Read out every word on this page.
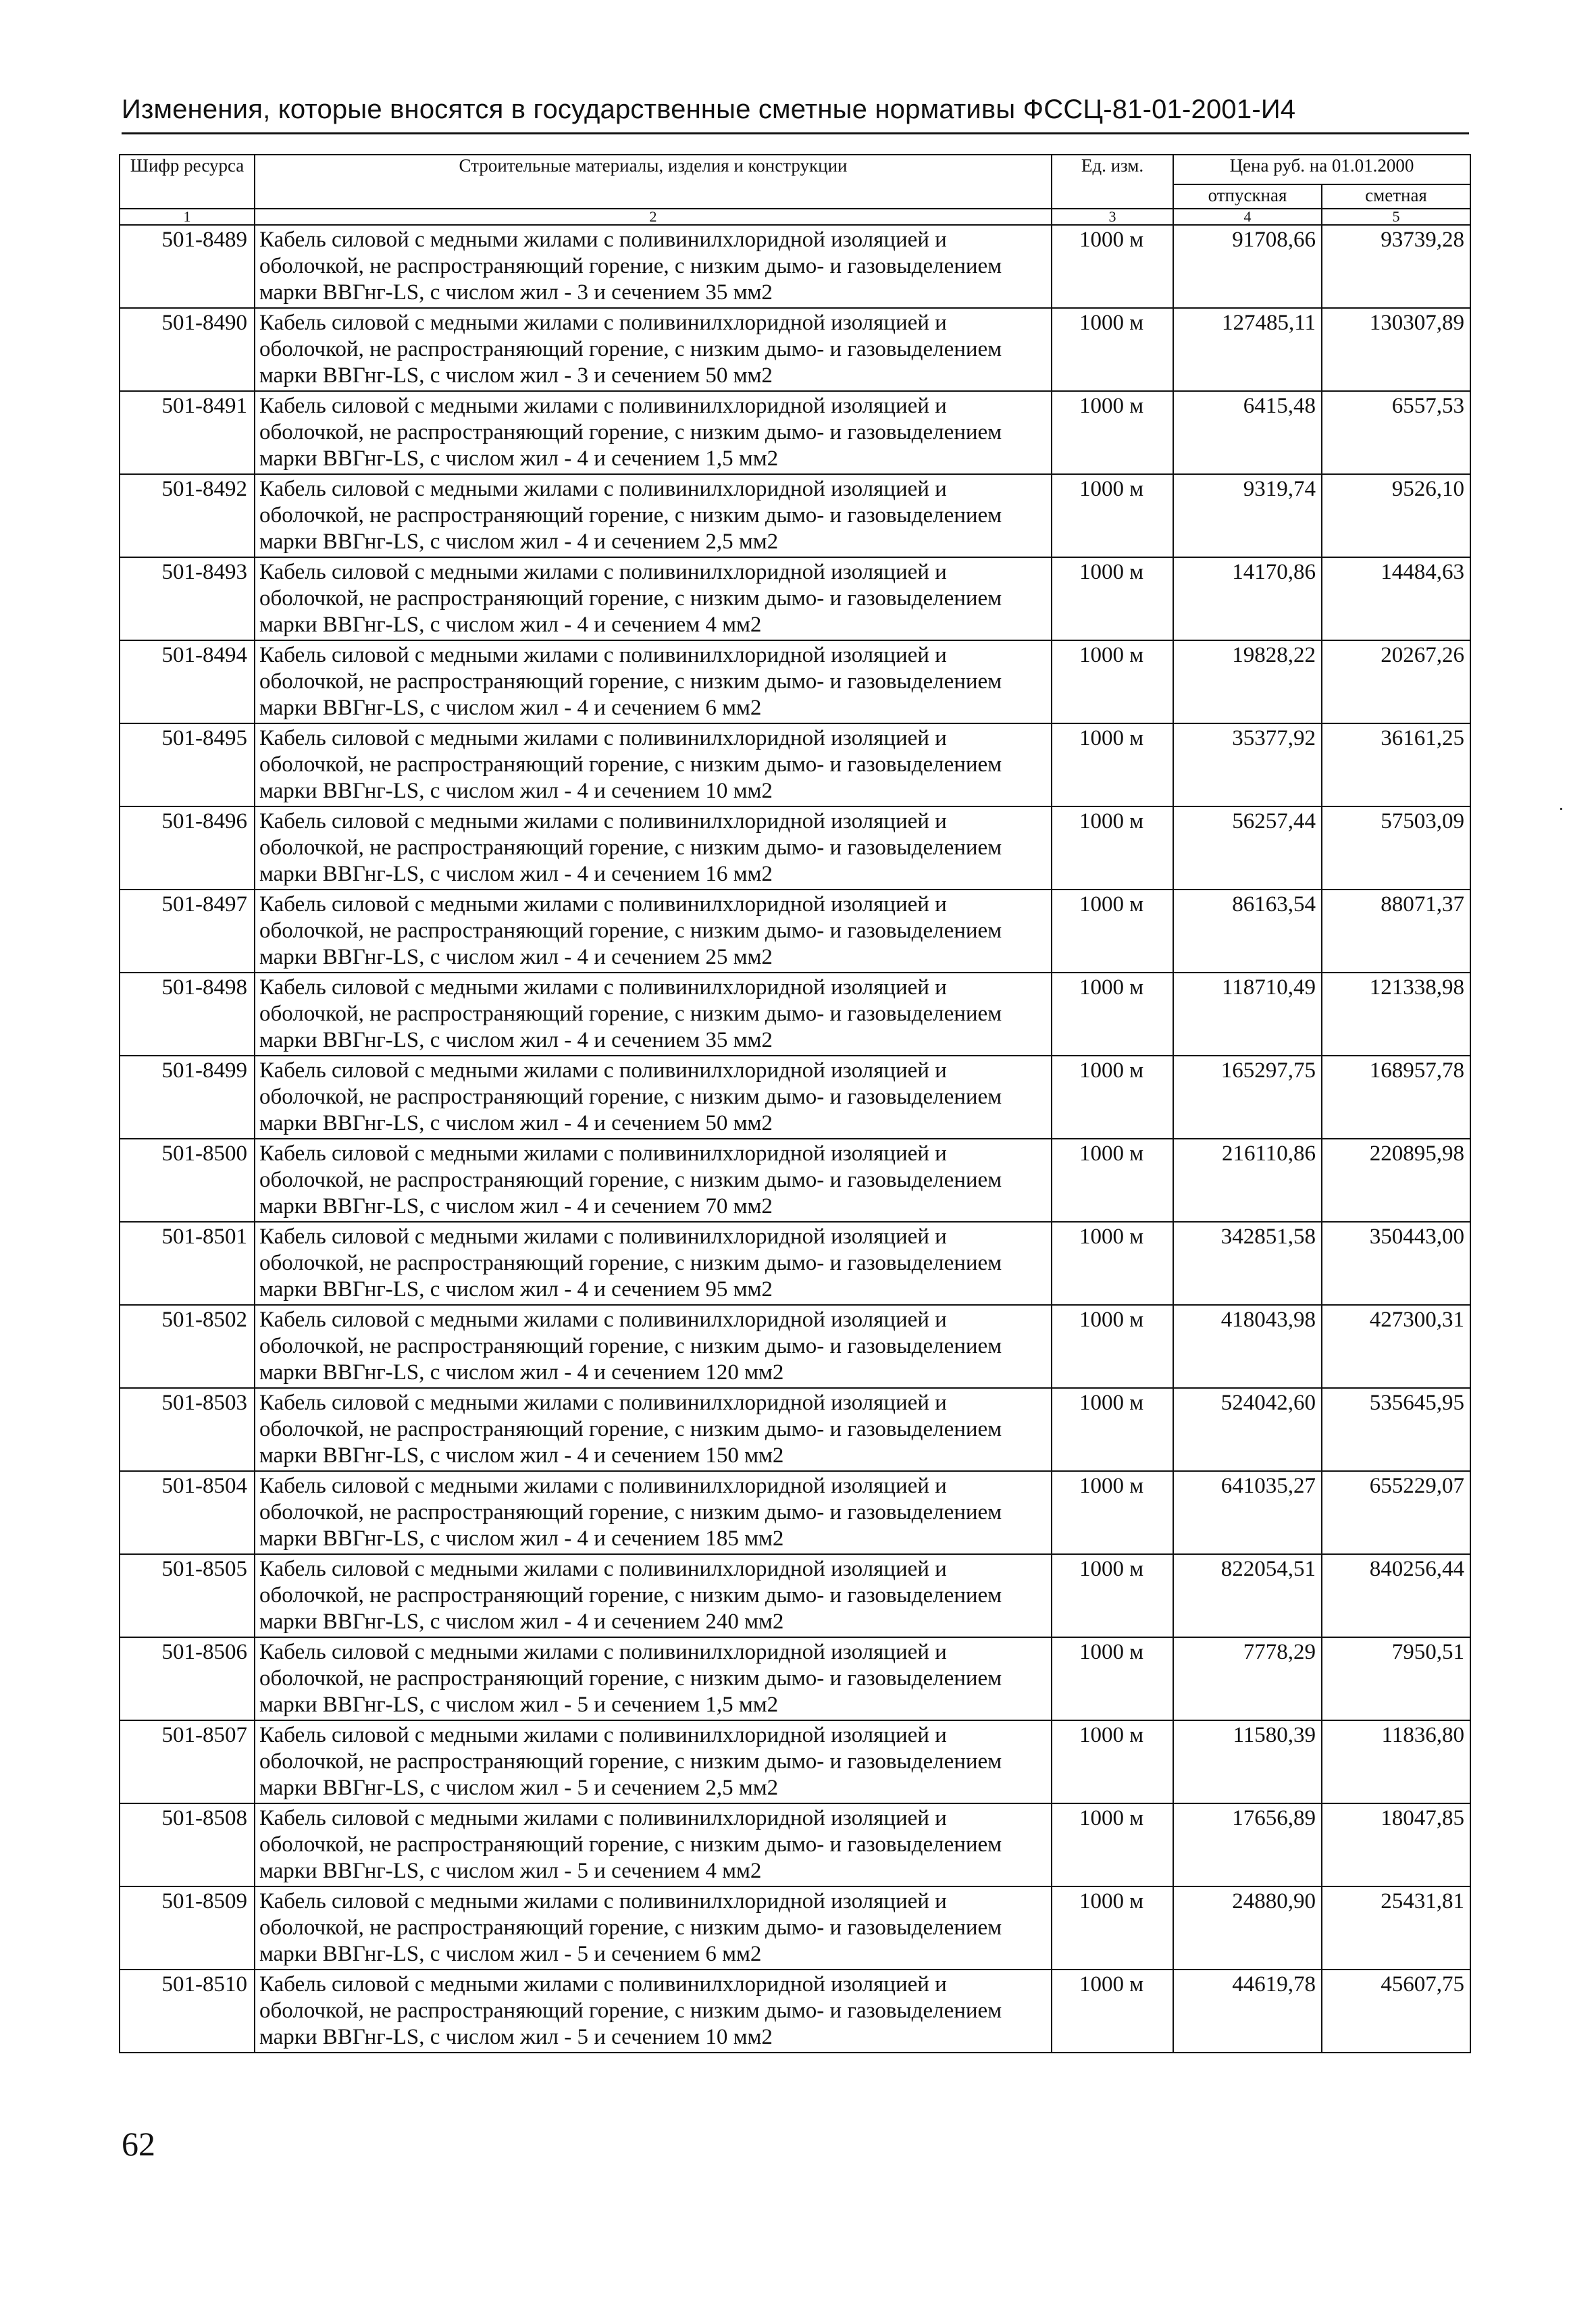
Изменения, которые вносятся в государственные сметные нормативы ФССЦ-81-01-2001-И4
Шифр ресурса	Строительные материалы, изделия и конструкции	Ед. изм.	Цена руб. на 01.01.2000	
			отпускная	сметная
1	2	3	4	5
501-8489	Кабель силовой с медными жилами с поливинилхлоридной изоляцией и оболочкой, не распространяющий горение, с низким дымо- и газовыделением марки ВВГнг-LS, с числом жил - 3 и сечением 35 мм2	1000 м	91708,66	93739,28
501-8490	Кабель силовой с медными жилами с поливинилхлоридной изоляцией и оболочкой, не распространяющий горение, с низким дымо- и газовыделением марки ВВГнг-LS, с числом жил - 3 и сечением 50 мм2	1000 м	127485,11	130307,89
501-8491	Кабель силовой с медными жилами с поливинилхлоридной изоляцией и оболочкой, не распространяющий горение, с низким дымо- и газовыделением марки ВВГнг-LS, с числом жил - 4 и сечением 1,5 мм2	1000 м	6415,48	6557,53
501-8492	Кабель силовой с медными жилами с поливинилхлоридной изоляцией и оболочкой, не распространяющий горение, с низким дымо- и газовыделением марки ВВГнг-LS, с числом жил - 4 и сечением 2,5 мм2	1000 м	9319,74	9526,10
501-8493	Кабель силовой с медными жилами с поливинилхлоридной изоляцией и оболочкой, не распространяющий горение, с низким дымо- и газовыделением марки ВВГнг-LS, с числом жил - 4 и сечением 4 мм2	1000 м	14170,86	14484,63
501-8494	Кабель силовой с медными жилами с поливинилхлоридной изоляцией и оболочкой, не распространяющий горение, с низким дымо- и газовыделением марки ВВГнг-LS, с числом жил - 4 и сечением 6 мм2	1000 м	19828,22	20267,26
501-8495	Кабель силовой с медными жилами с поливинилхлоридной изоляцией и оболочкой, не распространяющий горение, с низким дымо- и газовыделением марки ВВГнг-LS, с числом жил - 4 и сечением 10 мм2	1000 м	35377,92	36161,25
501-8496	Кабель силовой с медными жилами с поливинилхлоридной изоляцией и оболочкой, не распространяющий горение, с низким дымо- и газовыделением марки ВВГнг-LS, с числом жил - 4 и сечением 16 мм2	1000 м	56257,44	57503,09
501-8497	Кабель силовой с медными жилами с поливинилхлоридной изоляцией и оболочкой, не распространяющий горение, с низким дымо- и газовыделением марки ВВГнг-LS, с числом жил - 4 и сечением 25 мм2	1000 м	86163,54	88071,37
501-8498	Кабель силовой с медными жилами с поливинилхлоридной изоляцией и оболочкой, не распространяющий горение, с низким дымо- и газовыделением марки ВВГнг-LS, с числом жил - 4 и сечением 35 мм2	1000 м	118710,49	121338,98
501-8499	Кабель силовой с медными жилами с поливинилхлоридной изоляцией и оболочкой, не распространяющий горение, с низким дымо- и газовыделением марки ВВГнг-LS, с числом жил - 4 и сечением 50 мм2	1000 м	165297,75	168957,78
501-8500	Кабель силовой с медными жилами с поливинилхлоридной изоляцией и оболочкой, не распространяющий горение, с низким дымо- и газовыделением марки ВВГнг-LS, с числом жил - 4 и сечением 70 мм2	1000 м	216110,86	220895,98
501-8501	Кабель силовой с медными жилами с поливинилхлоридной изоляцией и оболочкой, не распространяющий горение, с низким дымо- и газовыделением марки ВВГнг-LS, с числом жил - 4 и сечением 95 мм2	1000 м	342851,58	350443,00
501-8502	Кабель силовой с медными жилами с поливинилхлоридной изоляцией и оболочкой, не распространяющий горение, с низким дымо- и газовыделением марки ВВГнг-LS, с числом жил - 4 и сечением 120 мм2	1000 м	418043,98	427300,31
501-8503	Кабель силовой с медными жилами с поливинилхлоридной изоляцией и оболочкой, не распространяющий горение, с низким дымо- и газовыделением марки ВВГнг-LS, с числом жил - 4 и сечением 150 мм2	1000 м	524042,60	535645,95
501-8504	Кабель силовой с медными жилами с поливинилхлоридной изоляцией и оболочкой, не распространяющий горение, с низким дымо- и газовыделением марки ВВГнг-LS, с числом жил - 4 и сечением 185 мм2	1000 м	641035,27	655229,07
501-8505	Кабель силовой с медными жилами с поливинилхлоридной изоляцией и оболочкой, не распространяющий горение, с низким дымо- и газовыделением марки ВВГнг-LS, с числом жил - 4 и сечением 240 мм2	1000 м	822054,51	840256,44
501-8506	Кабель силовой с медными жилами с поливинилхлоридной изоляцией и оболочкой, не распространяющий горение, с низким дымо- и газовыделением марки ВВГнг-LS, с числом жил - 5 и сечением 1,5 мм2	1000 м	7778,29	7950,51
501-8507	Кабель силовой с медными жилами с поливинилхлоридной изоляцией и оболочкой, не распространяющий горение, с низким дымо- и газовыделением марки ВВГнг-LS, с числом жил - 5 и сечением 2,5 мм2	1000 м	11580,39	11836,80
501-8508	Кабель силовой с медными жилами с поливинилхлоридной изоляцией и оболочкой, не распространяющий горение, с низким дымо- и газовыделением марки ВВГнг-LS, с числом жил - 5 и сечением 4 мм2	1000 м	17656,89	18047,85
501-8509	Кабель силовой с медными жилами с поливинилхлоридной изоляцией и оболочкой, не распространяющий горение, с низким дымо- и газовыделением марки ВВГнг-LS, с числом жил - 5 и сечением 6 мм2	1000 м	24880,90	25431,81
501-8510	Кабель силовой с медными жилами с поливинилхлоридной изоляцией и оболочкой, не распространяющий горение, с низким дымо- и газовыделением марки ВВГнг-LS, с числом жил - 5 и сечением 10 мм2	1000 м	44619,78	45607,75
62
